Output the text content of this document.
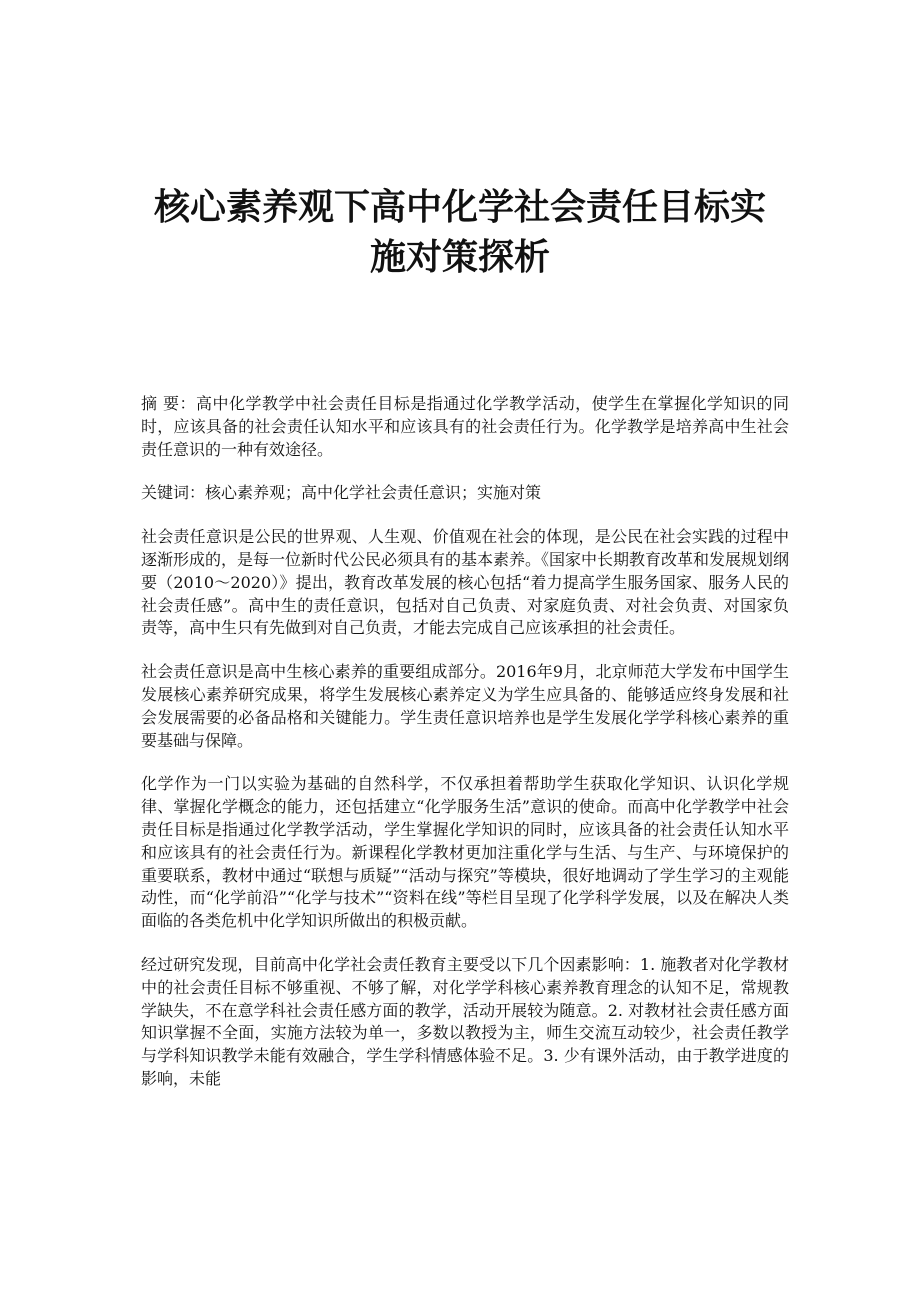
核心素养观下高中化学社会责任目标实
施对策探析

摘 要：高中化学教学中社会责任目标是指通过化学教学活动，使学生在掌握化学知识的同时，应该具备的社会责任认知水平和应该具有的社会责任行为。化学教学是培养高中生社会责任意识的一种有效途径。

关键词：核心素养观；高中化学社会责任意识；实施对策

社会责任意识是公民的世界观、人生观、价值观在社会的体现，是公民在社会实践的过程中逐渐形成的，是每一位新时代公民必须具有的基本素养。《国家中长期教育改革和发展规划纲要（2010～2020）》提出，教育改革发展的核心包括“着力提高学生服务国家、服务人民的社会责任感”。高中生的责任意识，包括对自己负责、对家庭负责、对社会负责、对国家负责等，高中生只有先做到对自己负责，才能去完成自己应该承担的社会责任。

社会责任意识是高中生核心素养的重要组成部分。2016年9月，北京师范大学发布中国学生发展核心素养研究成果，将学生发展核心素养定义为学生应具备的、能够适应终身发展和社会发展需要的必备品格和关键能力。学生责任意识培养也是学生发展化学学科核心素养的重要基础与保障。

化学作为一门以实验为基础的自然科学，不仅承担着帮助学生获取化学知识、认识化学规律、掌握化学概念的能力，还包括建立“化学服务生活”意识的使命。而高中化学教学中社会责任目标是指通过化学教学活动，学生掌握化学知识的同时，应该具备的社会责任认知水平和应该具有的社会责任行为。新课程化学教材更加注重化学与生活、与生产、与环境保护的重要联系，教材中通过“联想与质疑”“活动与探究”等模块，很好地调动了学生学习的主观能动性，而“化学前沿”“化学与技术”“资料在线”等栏目呈现了化学科学发展，以及在解决人类面临的各类危机中化学知识所做出的积极贡献。

经过研究发现，目前高中化学社会责任教育主要受以下几个因素影响：1. 施教者对化学教材中的社会责任目标不够重视、不够了解，对化学学科核心素养教育理念的认知不足，常规教学缺失，不在意学科社会责任感方面的教学，活动开展较为随意。2. 对教材社会责任感方面知识掌握不全面，实施方法较为单一，多数以教授为主，师生交流互动较少，社会责任教学与学科知识教学未能有效融合，学生学科情感体验不足。3. 少有课外活动，由于教学进度的影响，未能
